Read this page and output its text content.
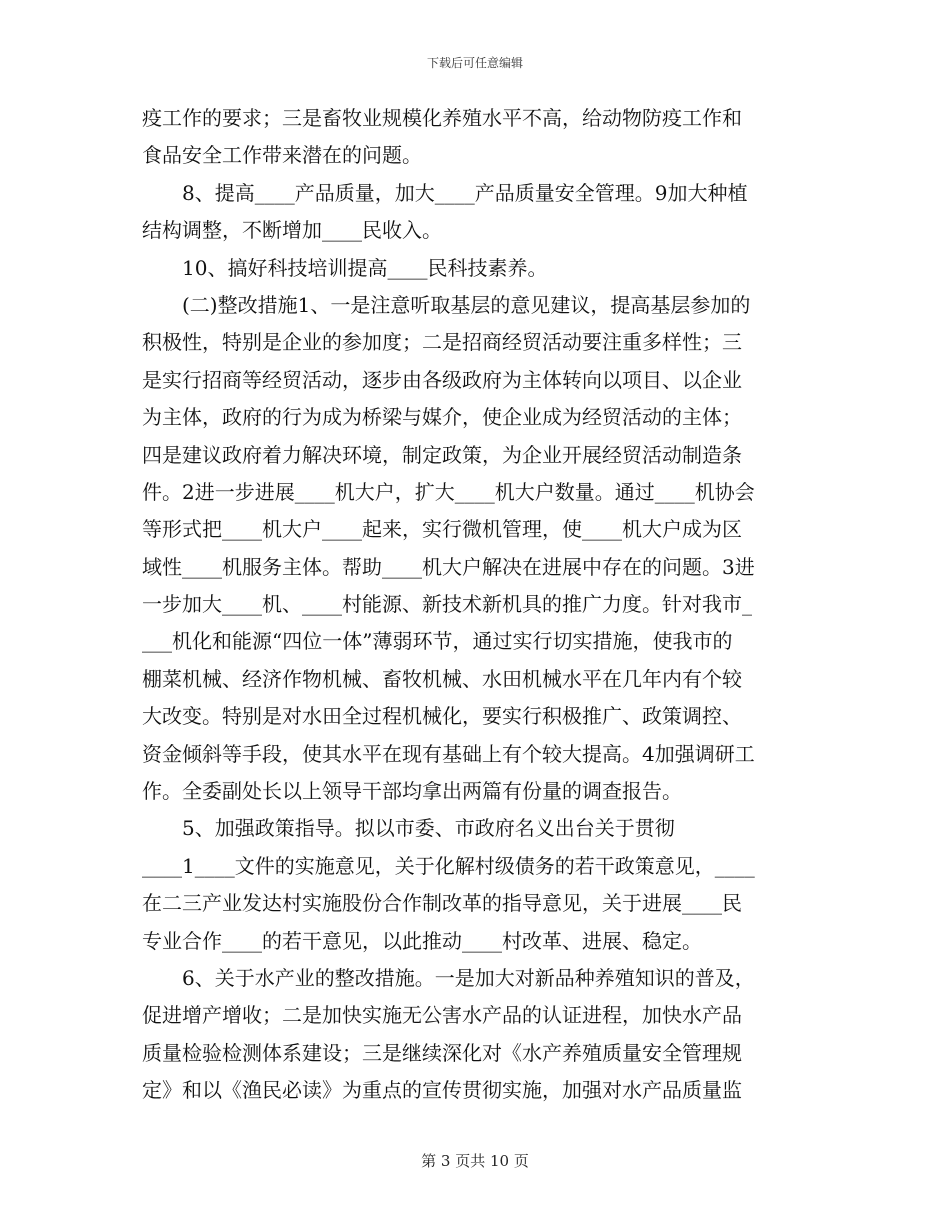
下载后可任意编辑
疫工作的要求；三是畜牧业规模化养殖水平不高，给动物防疫工作和
食品安全工作带来潜在的问题。
　　8、提高____产品质量，加大____产品质量安全管理。9加大种植
结构调整，不断增加____民收入。
　　10、搞好科技培训提高____民科技素养。
　　(二)整改措施1、一是注意听取基层的意见建议，提高基层参加的
积极性，特别是企业的参加度；二是招商经贸活动要注重多样性；三
是实行招商等经贸活动，逐步由各级政府为主体转向以项目、以企业
为主体，政府的行为成为桥梁与媒介，使企业成为经贸活动的主体；
四是建议政府着力解决环境，制定政策，为企业开展经贸活动制造条
件。2进一步进展____机大户，扩大____机大户数量。通过____机协会
等形式把____机大户____起来，实行微机管理，使____机大户成为区
域性____机服务主体。帮助____机大户解决在进展中存在的问题。3进
一步加大____机、____村能源、新技术新机具的推广力度。针对我市_
___机化和能源“四位一体”薄弱环节，通过实行切实措施，使我市的
棚菜机械、经济作物机械、畜牧机械、水田机械水平在几年内有个较
大改变。特别是对水田全过程机械化，要实行积极推广、政策调控、
资金倾斜等手段，使其水平在现有基础上有个较大提高。4加强调研工
作。全委副处长以上领导干部均拿出两篇有份量的调查报告。
　　5、加强政策指导。拟以市委、市政府名义出台关于贯彻
____1____文件的实施意见，关于化解村级债务的若干政策意见，____
在二三产业发达村实施股份合作制改革的指导意见，关于进展____民
专业合作____的若干意见，以此推动____村改革、进展、稳定。
　　6、关于水产业的整改措施。一是加大对新品种养殖知识的普及，
促进增产增收；二是加快实施无公害水产品的认证进程，加快水产品
质量检验检测体系建设；三是继续深化对《水产养殖质量安全管理规
定》和以《渔民必读》为重点的宣传贯彻实施，加强对水产品质量监
第 3 页共 10 页
